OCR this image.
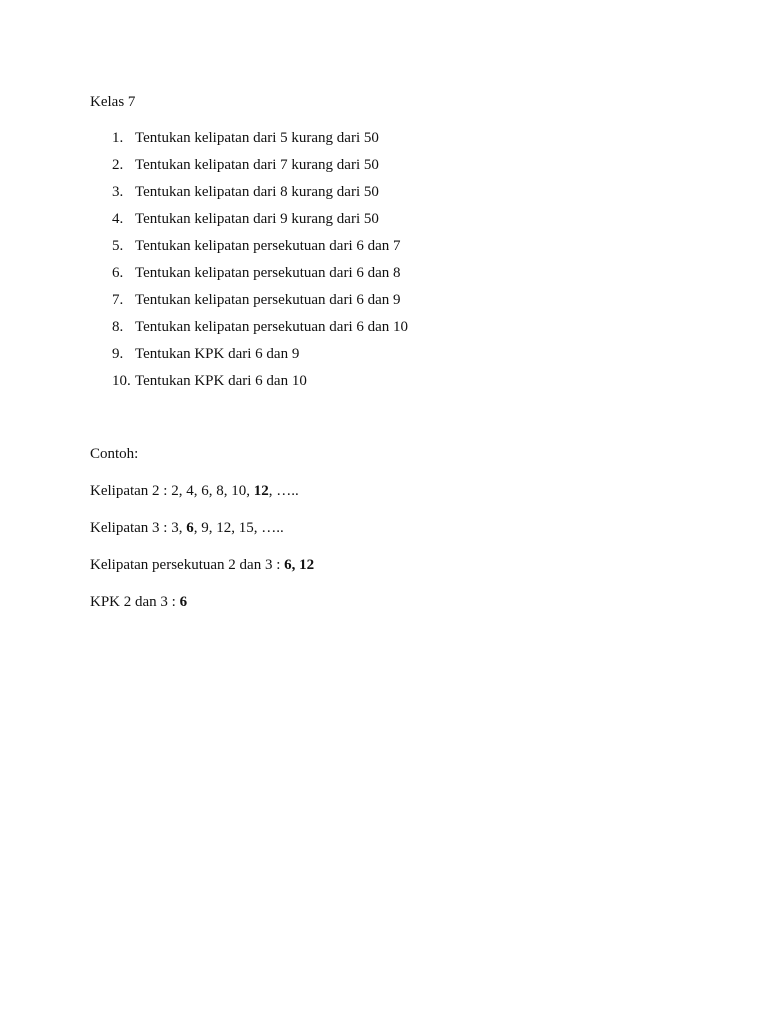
Kelas 7

1. Tentukan kelipatan dari 5 kurang dari 50
2. Tentukan kelipatan dari 7 kurang dari 50
3. Tentukan kelipatan dari 8 kurang dari 50
4. Tentukan kelipatan dari 9 kurang dari 50
5. Tentukan kelipatan persekutuan dari 6 dan 7
6. Tentukan kelipatan persekutuan dari 6 dan 8
7. Tentukan kelipatan persekutuan dari 6 dan 9
8. Tentukan kelipatan persekutuan dari 6 dan 10
9. Tentukan KPK dari 6 dan 9
10. Tentukan KPK dari 6 dan 10

Contoh:

Kelipatan 2 : 2, 4, 6, 8, 10, 12, …..

Kelipatan 3 : 3, 6, 9, 12, 15, …..

Kelipatan persekutuan 2 dan 3 : 6, 12

KPK 2 dan 3 : 6
